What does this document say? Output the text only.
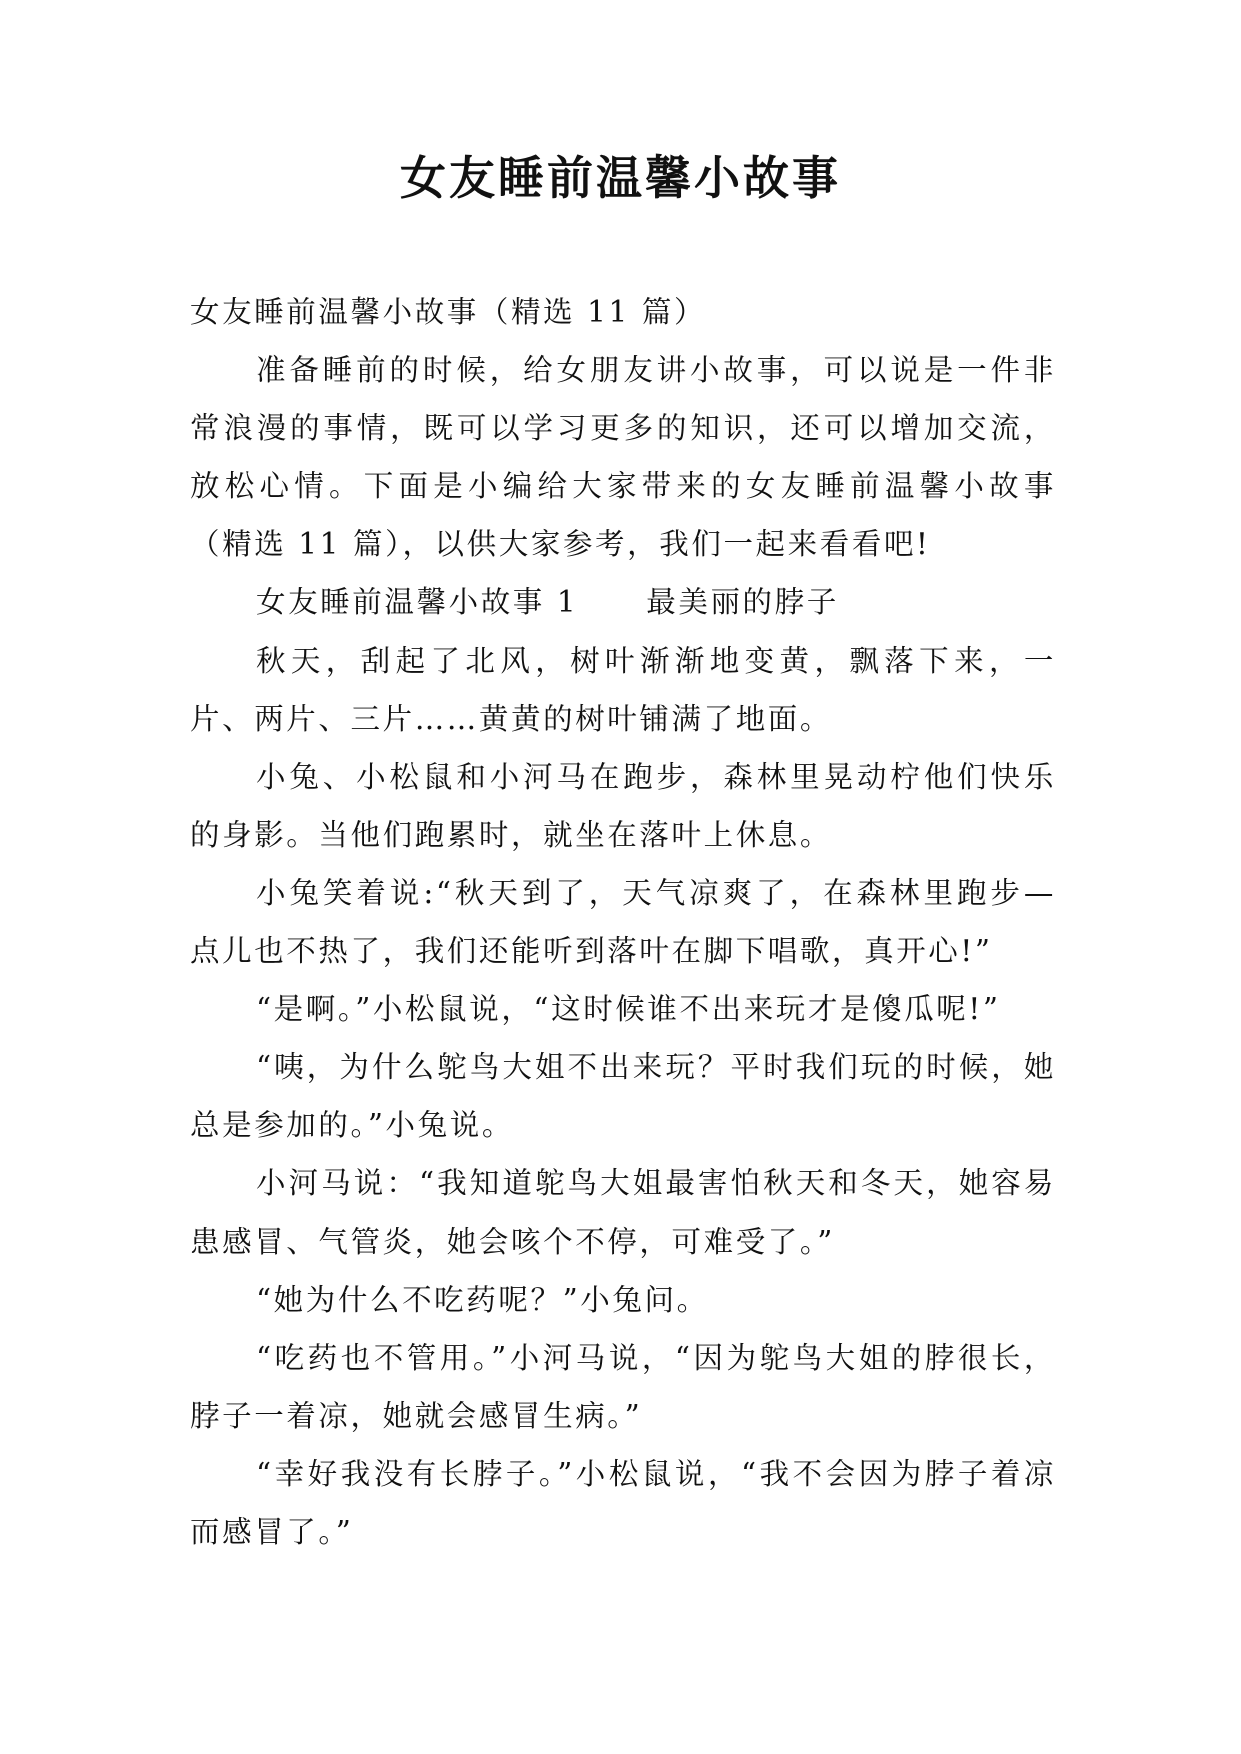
女友睡前温馨小故事

女友睡前温馨小故事（精选 11 篇）

准备睡前的时候，给女朋友讲小故事，可以说是一件非常浪漫的事情，既可以学习更多的知识，还可以增加交流，放松心情。下面是小编给大家带来的女友睡前温馨小故事（精选 11 篇），以供大家参考，我们一起来看看吧!

女友睡前温馨小故事 1 最美丽的脖子

秋天，刮起了北风，树叶渐渐地变黄，飘落下来，一片、两片、三片……黄黄的树叶铺满了地面。

小兔、小松鼠和小河马在跑步，森林里晃动柠他们快乐的身影。当他们跑累时，就坐在落叶上休息。

小兔笑着说:“秋天到了，天气凉爽了，在森林里跑步—点儿也不热了，我们还能听到落叶在脚下唱歌，真开心!”

“是啊。”小松鼠说，“这时候谁不出来玩才是傻瓜呢!”

“咦，为什么鸵鸟大姐不出来玩？平时我们玩的时候，她总是参加的。”小兔说。

小河马说：“我知道鸵鸟大姐最害怕秋天和冬天，她容易患感冒、气管炎，她会咳个不停，可难受了。”

“她为什么不吃药呢？”小兔问。

“吃药也不管用。”小河马说，“因为鸵鸟大姐的脖很长，脖子一着凉，她就会感冒生病。”

“幸好我没有长脖子。”小松鼠说，“我不会因为脖子着凉而感冒了。”
